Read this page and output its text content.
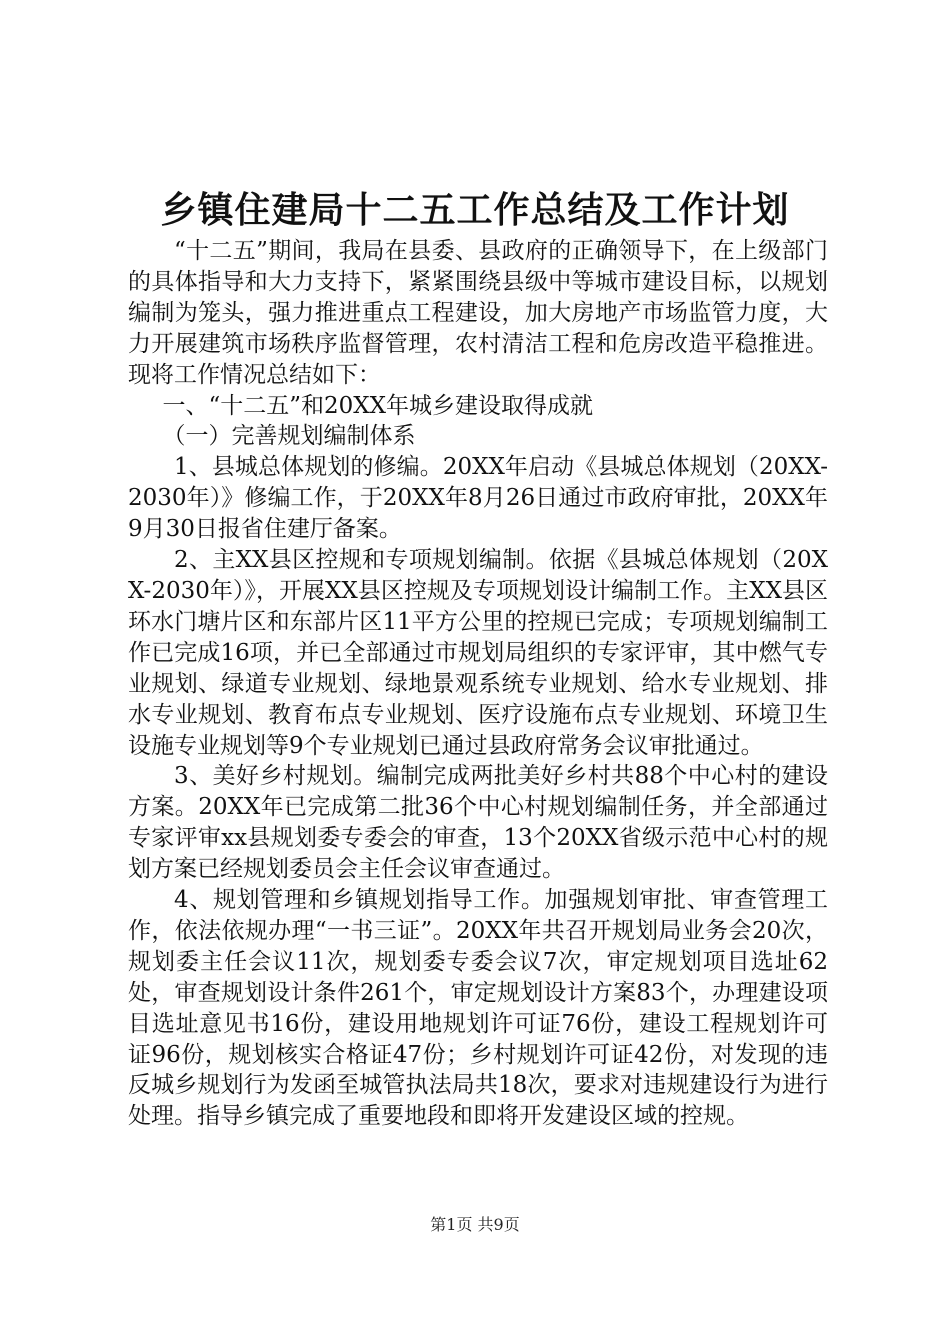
乡镇住建局十二五工作总结及工作计划

“十二五”期间，我局在县委、县政府的正确领导下，在上级部门的具体指导和大力支持下，紧紧围绕县级中等城市建设目标，以规划编制为笼头，强力推进重点工程建设，加大房地产市场监管力度，大力开展建筑市场秩序监督管理，农村清洁工程和危房改造平稳推进。现将工作情况总结如下：

一、“十二五”和20XX年城乡建设取得成就

（一）完善规划编制体系

1、县城总体规划的修编。20XX年启动《县城总体规划（20XX-2030年）》修编工作，于20XX年8月26日通过市政府审批，20XX年9月30日报省住建厅备案。

2、主XX县区控规和专项规划编制。依据《县城总体规划（20XX-2030年）》，开展XX县区控规及专项规划设计编制工作。主XX县区环水门塘片区和东部片区11平方公里的控规已完成；专项规划编制工作已完成16项，并已全部通过市规划局组织的专家评审，其中燃气专业规划、绿道专业规划、绿地景观系统专业规划、给水专业规划、排水专业规划、教育布点专业规划、医疗设施布点专业规划、环境卫生设施专业规划等9个专业规划已通过县政府常务会议审批通过。

3、美好乡村规划。编制完成两批美好乡村共88个中心村的建设方案。20XX年已完成第二批36个中心村规划编制任务，并全部通过专家评审xx县规划委专委会的审查，13个20XX省级示范中心村的规划方案已经规划委员会主任会议审查通过。

4、规划管理和乡镇规划指导工作。加强规划审批、审查管理工作，依法依规办理“一书三证”。20XX年共召开规划局业务会20次，规划委主任会议11次，规划委专委会议7次，审定规划项目选址62处，审查规划设计条件261个，审定规划设计方案83个，办理建设项目选址意见书16份，建设用地规划许可证76份，建设工程规划许可证96份，规划核实合格证47份；乡村规划许可证42份，对发现的违反城乡规划行为发函至城管执法局共18次，要求对违规建设行为进行处理。指导乡镇完成了重要地段和即将开发建设区域的控规。

第1页 共9页
